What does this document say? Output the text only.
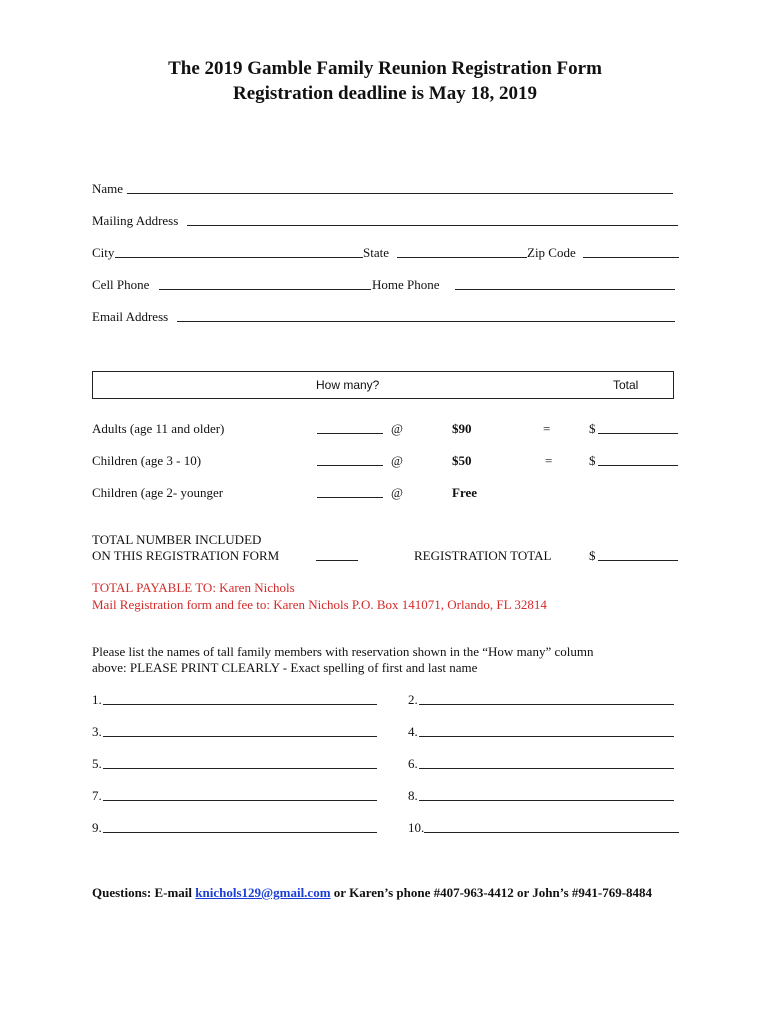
The 2019 Gamble Family Reunion Registration Form
Registration deadline is May 18, 2019
Name
Mailing Address
City	State	Zip Code
Cell Phone	Home Phone
Email Address
How many?	Total
Adults (age 11 and older)	@	$90	=	$
Children (age 3 - 10)	@	$50	=	$
Children (age 2- younger	@	Free
TOTAL NUMBER INCLUDED
ON THIS REGISTRATION FORM	REGISTRATION TOTAL	$
TOTAL PAYABLE TO: Karen Nichols
Mail Registration form and fee to: Karen Nichols P.O. Box 141071, Orlando, FL 32814
Please list the names of tall family members with reservation shown in the “How many” column
above: PLEASE PRINT CLEARLY - Exact spelling of first and last name
1.	2.
3.	4.
5.	6.
7.	8.
9.	10.
Questions: E-mail knichols129@gmail.com or Karen’s phone #407-963-4412 or John’s #941-769-8484
